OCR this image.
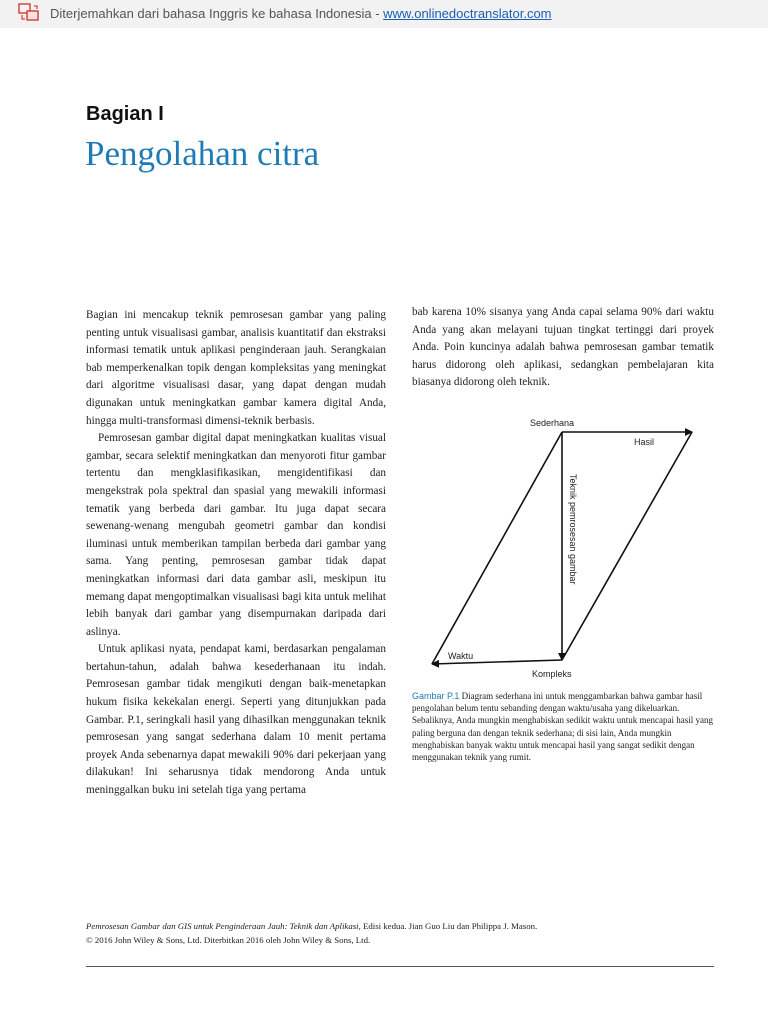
Diterjemahkan dari bahasa Inggris ke bahasa Indonesia - www.onlinedoctranslator.com
Bagian I
Pengolahan citra

Bagian ini mencakup teknik pemrosesan gambar yang paling penting untuk visualisasi gambar, analisis kuantitatif dan ekstraksi informasi tematik untuk aplikasi penginderaan jauh. Serangkaian bab memperkenalkan topik dengan kompleksitas yang meningkat dari algoritme visualisasi dasar, yang dapat dengan mudah digunakan untuk meningkatkan gambar kamera digital Anda, hingga multi-transformasi dimensi-teknik berbasis.

Pemrosesan gambar digital dapat meningkatkan kualitas visual gambar, secara selektif meningkatkan dan menyoroti fitur gambar tertentu dan mengklasifikasikan, mengidentifikasi dan mengekstrak pola spektral dan spasial yang mewakili informasi tematik yang berbeda dari gambar. Itu juga dapat secara sewenang-wenang mengubah geometri gambar dan kondisi iluminasi untuk memberikan tampilan berbeda dari gambar yang sama. Yang penting, pemrosesan gambar tidak dapat meningkatkan informasi dari data gambar asli, meskipun itu memang dapat mengoptimalkan visualisasi bagi kita untuk melihat lebih banyak dari gambar yang disempurnakan daripada dari aslinya.

Untuk aplikasi nyata, pendapat kami, berdasarkan pengalaman bertahun-tahun, adalah bahwa kesederhanaan itu indah. Pemrosesan gambar tidak mengikuti dengan baik-menetapkan hukum fisika kekekalan energi. Seperti yang ditunjukkan pada Gambar. P.1, seringkali hasil yang dihasilkan menggunakan teknik pemrosesan yang sangat sederhana dalam 10 menit pertama proyek Anda sebenarnya dapat mewakili 90% dari pekerjaan yang dilakukan! Ini seharusnya tidak mendorong Anda untuk meninggalkan buku ini setelah tiga yang pertama

bab karena 10% sisanya yang Anda capai selama 90% dari waktu Anda yang akan melayani tujuan tingkat tertinggi dari proyek Anda. Poin kuncinya adalah bahwa pemrosesan gambar tematik harus didorong oleh aplikasi, sedangkan pembelajaran kita biasanya didorong oleh teknik.

Sederhana
Hasil
Teknik pemrosesan gambar
Waktu
Kompleks
Gambar P.1 Diagram sederhana ini untuk menggambarkan bahwa gambar hasil pengolahan belum tentu sebanding dengan waktu/usaha yang dikeluarkan. Sebaliknya, Anda mungkin menghabiskan sedikit waktu untuk mencapai hasil yang paling berguna dan dengan teknik sederhana; di sisi lain, Anda mungkin menghabiskan banyak waktu untuk mencapai hasil yang sangat sedikit dengan menggunakan teknik yang rumit.

Pemrosesan Gambar dan GIS untuk Penginderaan Jauh: Teknik dan Aplikasi, Edisi kedua. Jian Guo Liu dan Philippa J. Mason.

© 2016 John Wiley & Sons, Ltd. Diterbitkan 2016 oleh John Wiley & Sons, Ltd.
